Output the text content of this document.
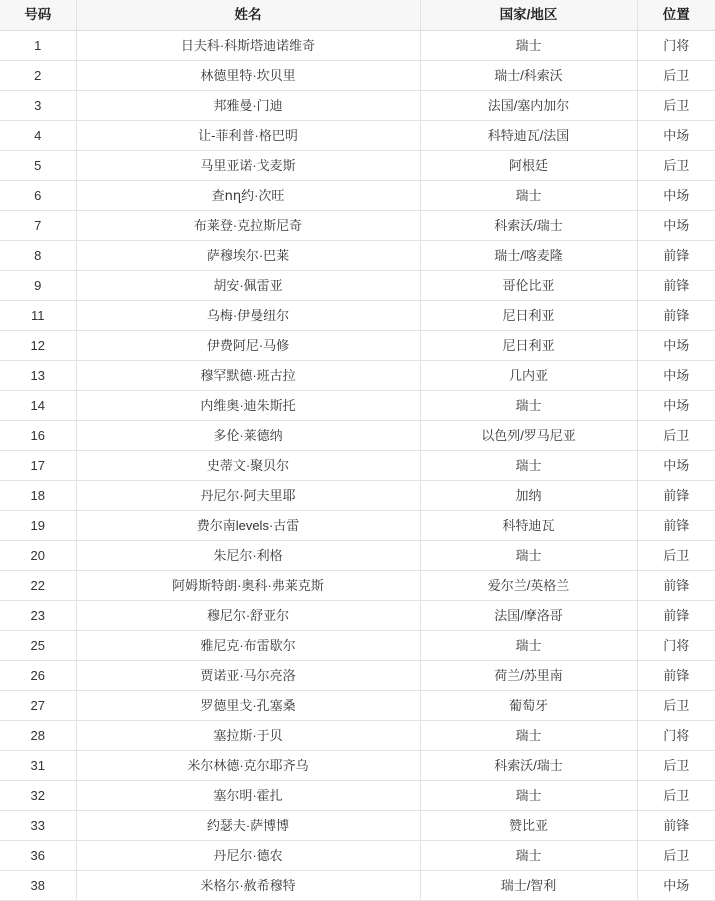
号码	姓名	国家/地区	位置
1	日夫科·科斯塔迪诺维奇	瑞士	门将
2	林德里特·坎贝里	瑞士/科索沃	后卫
3	邦雅曼·门迪	法国/塞内加尔	后卫
4	让-菲利普·格巴明	科特迪瓦/法国	中场
5	马里亚诺·戈麦斯	阿根廷	后卫
6	查ող约·次旺	瑞士	中场
7	布莱登·克拉斯尼奇	科索沃/瑞士	中场
8	萨穆埃尔·巴莱	瑞士/喀麦隆	前锋
9	胡安·佩雷亚	哥伦比亚	前锋
11	乌梅·伊曼纽尔	尼日利亚	前锋
12	伊费阿尼·马修	尼日利亚	中场
13	穆罕默德·班古拉	几内亚	中场
14	内维奥·迪朱斯托	瑞士	中场
16	多伦·莱德纳	以色列/罗马尼亚	后卫
17	史蒂文·聚贝尔	瑞士	中场
18	丹尼尔·阿夫里耶	加纳	前锋
19	费尔南levels·古雷	科特迪瓦	前锋
20	朱尼尔·利格	瑞士	后卫
22	阿姆斯特朗·奥科·弗莱克斯	爱尔兰/英格兰	前锋
23	穆尼尔·舒亚尔	法国/摩洛哥	前锋
25	雅尼克·布雷歇尔	瑞士	门将
26	贾诺亚·马尔亮洛	荷兰/苏里南	前锋
27	罗德里戈·孔塞桑	葡萄牙	后卫
28	塞拉斯·于贝	瑞士	门将
31	米尔林德·克尔耶齐乌	科索沃/瑞士	后卫
32	塞尔明·霍扎	瑞士	后卫
33	约瑟夫·萨博博	赞比亚	前锋
36	丹尼尔·德农	瑞士	后卫
38	米格尔·赦希穆特	瑞士/智利	中场
